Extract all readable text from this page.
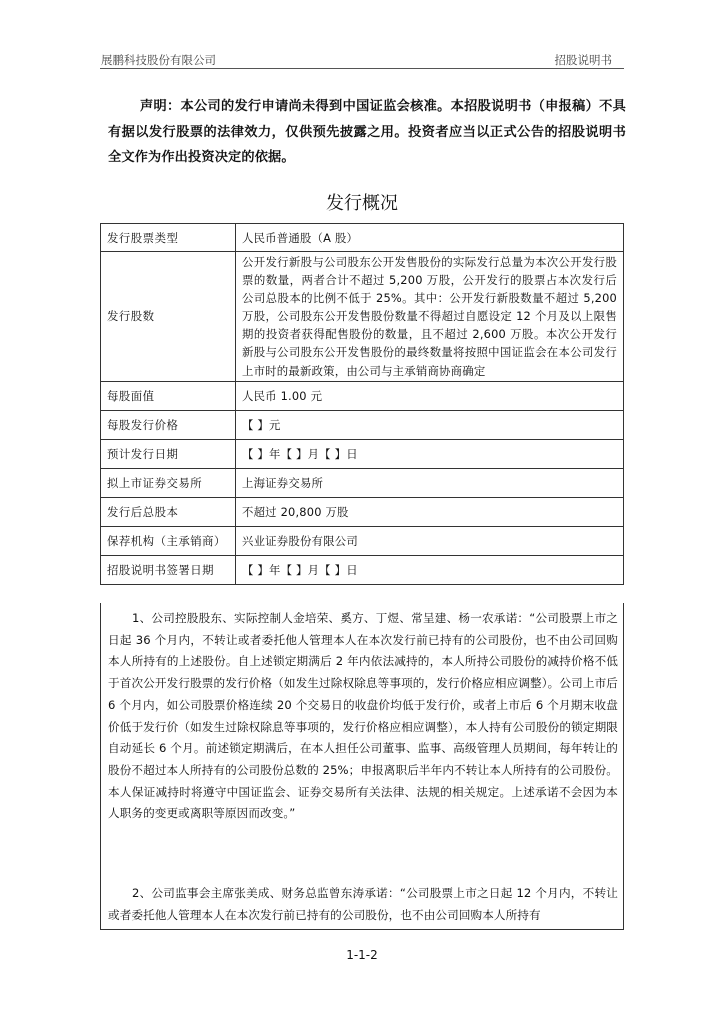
展鹏科技股份有限公司	招股说明书
声明：本公司的发行申请尚未得到中国证监会核准。本招股说明书（申报稿）不具有据以发行股票的法律效力，仅供预先披露之用。投资者应当以正式公告的招股说明书全文作为作出投资决定的依据。
发行概况
发行股票类型	人民币普通股（A 股）
发行股数	公开发行新股与公司股东公开发售股份的实际发行总量为本次公开发行股票的数量，两者合计不超过 5,200 万股，公开发行的股票占本次发行后公司总股本的比例不低于 25%。其中：公开发行新股数量不超过 5,200 万股，公司股东公开发售股份数量不得超过自愿设定 12 个月及以上限售期的投资者获得配售股份的数量，且不超过 2,600 万股。本次公开发行新股与公司股东公开发售股份的最终数量将按照中国证监会在本公司发行上市时的最新政策，由公司与主承销商协商确定
每股面值	人民币 1.00 元
每股发行价格	【 】元
预计发行日期	【 】年【 】月【 】日
拟上市证券交易所	上海证券交易所
发行后总股本	不超过 20,800 万股
保荐机构（主承销商）	兴业证券股份有限公司
招股说明书签署日期	【 】年【 】月【 】日
1、公司控股股东、实际控制人金培荣、奚方、丁煜、常呈建、杨一农承诺：“公司股票上市之日起 36 个月内，不转让或者委托他人管理本人在本次发行前已持有的公司股份，也不由公司回购本人所持有的上述股份。自上述锁定期满后 2 年内依法减持的，本人所持公司股份的减持价格不低于首次公开发行股票的发行价格（如发生过除权除息等事项的，发行价格应相应调整）。公司上市后 6 个月内，如公司股票价格连续 20 个交易日的收盘价均低于发行价，或者上市后 6 个月期末收盘价低于发行价（如发生过除权除息等事项的，发行价格应相应调整），本人持有公司股份的锁定期限自动延长 6 个月。前述锁定期满后，在本人担任公司董事、监事、高级管理人员期间，每年转让的股份不超过本人所持有的公司股份总数的 25%；申报离职后半年内不转让本人所持有的公司股份。本人保证减持时将遵守中国证监会、证券交易所有关法律、法规的相关规定。上述承诺不会因为本人职务的变更或离职等原因而改变。”
2、公司监事会主席张美成、财务总监曾东涛承诺：“公司股票上市之日起 12 个月内，不转让或者委托他人管理本人在本次发行前已持有的公司股份，也不由公司回购本人所持有
1-1-2
